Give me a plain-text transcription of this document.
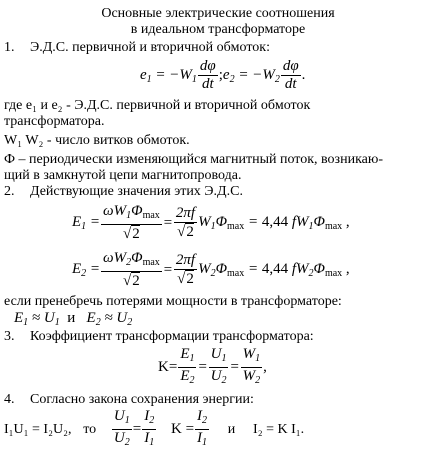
Основные электрические соотношения
в идеальном трансформаторе
1. Э.Д.С. первичной и вторичной обмоток:
$e_1 = -W_1 \frac{d\varphi}{dt}$ $;e_2 = -W_2 \frac{d\varphi}{dt}$ .
где e₁ и e₂ - Э.Д.С. первичной и вторичной обмоток
трансформатора.
W₁ W₂ - число витков обмоток.
Ф – периодически изменяющийся магнитный поток, возникаю-
щий в замкнутой цепи магнитопровода.
2. Действующие значения этих Э.Д.С.
$E_1 = \frac{\omega W_1\Phi_{max}}{√2} = \frac{2\pi f}{√2} W_1\Phi_{max} = 4,44$ $fW_1\Phi_{max}$ ,
$E_2 = \frac{\omega W_2\Phi_{max}}{√2} = \frac{2\pi f}{√2} W_2\Phi_{max} = 4,44$ $fW_2\Phi_{max}$ ,
если пренебречь потерями мощности в трансформаторе:
$E_1 \approx U_1$ и   $E_2 \approx U_2$
3. Коэффициент трансформации трансформатора:
$K= \frac{E_1}{E_2} = \frac{U_1}{U_2} = \frac{W_1}{W_2}$ ,
4. Согласно закона сохранения энергии:
I₁U₁ = I₂U₂, то $\frac{U_1}{U_2} = \frac{I_2}{I_1}$ $K = \frac{I_2}{I_1}$ и I₂ = K I₁.
